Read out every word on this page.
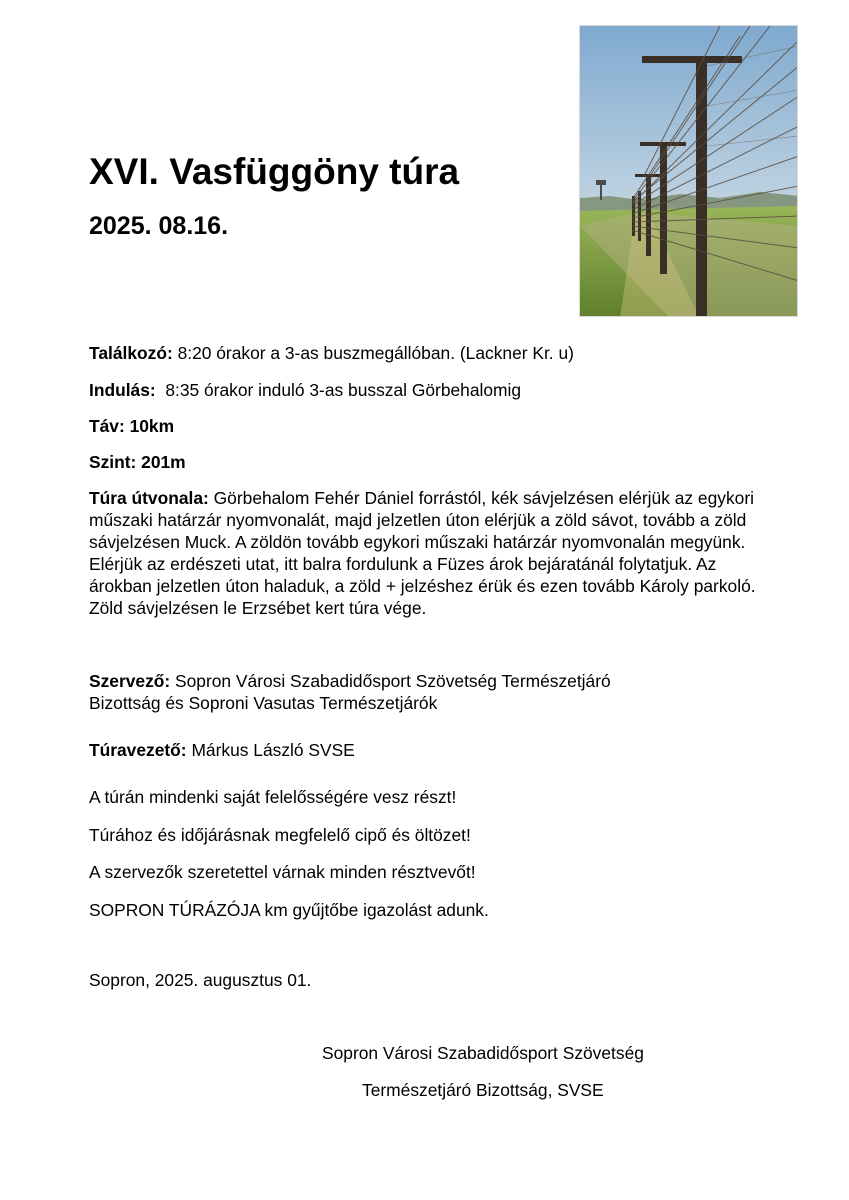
XVI. Vasfüggöny túra
2025. 08.16.

Találkozó: 8:20 órakor a 3-as buszmegállóban. (Lackner Kr. u)

Indulás:  8:35 órakor induló 3-as busszal Görbehalomig

Táv: 10km

Szint: 201m

Túra útvonala: Görbehalom Fehér Dániel forrástól, kék sávjelzésen elérjük az egykori műszaki határzár nyomvonalát, majd jelzetlen úton elérjük a zöld sávot, tovább a zöld sávjelzésen Muck. A zöldön tovább egykori műszaki határzár nyomvonalán megyünk. Elérjük az erdészeti utat, itt balra fordulunk a Füzes árok bejáratánál folytatjuk. Az árokban jelzetlen úton haladuk, a zöld + jelzéshez érük és ezen tovább Károly parkoló. Zöld sávjelzésen le Erzsébet kert túra vége.

Szervező: Sopron Városi Szabadidősport Szövetség Természetjáró
Bizottság és Soproni Vasutas Természetjárók

Túravezető: Márkus László SVSE

A túrán mindenki saját felelősségére vesz részt!

Túrához és időjárásnak megfelelő cipő és öltözet!

A szervezők szeretettel várnak minden résztvevőt!

SOPRON TÚRÁZÓJA km gyűjtőbe igazolást adunk.

Sopron, 2025. augusztus 01.

Sopron Városi Szabadidősport Szövetség

Természetjáró Bizottság, SVSE
